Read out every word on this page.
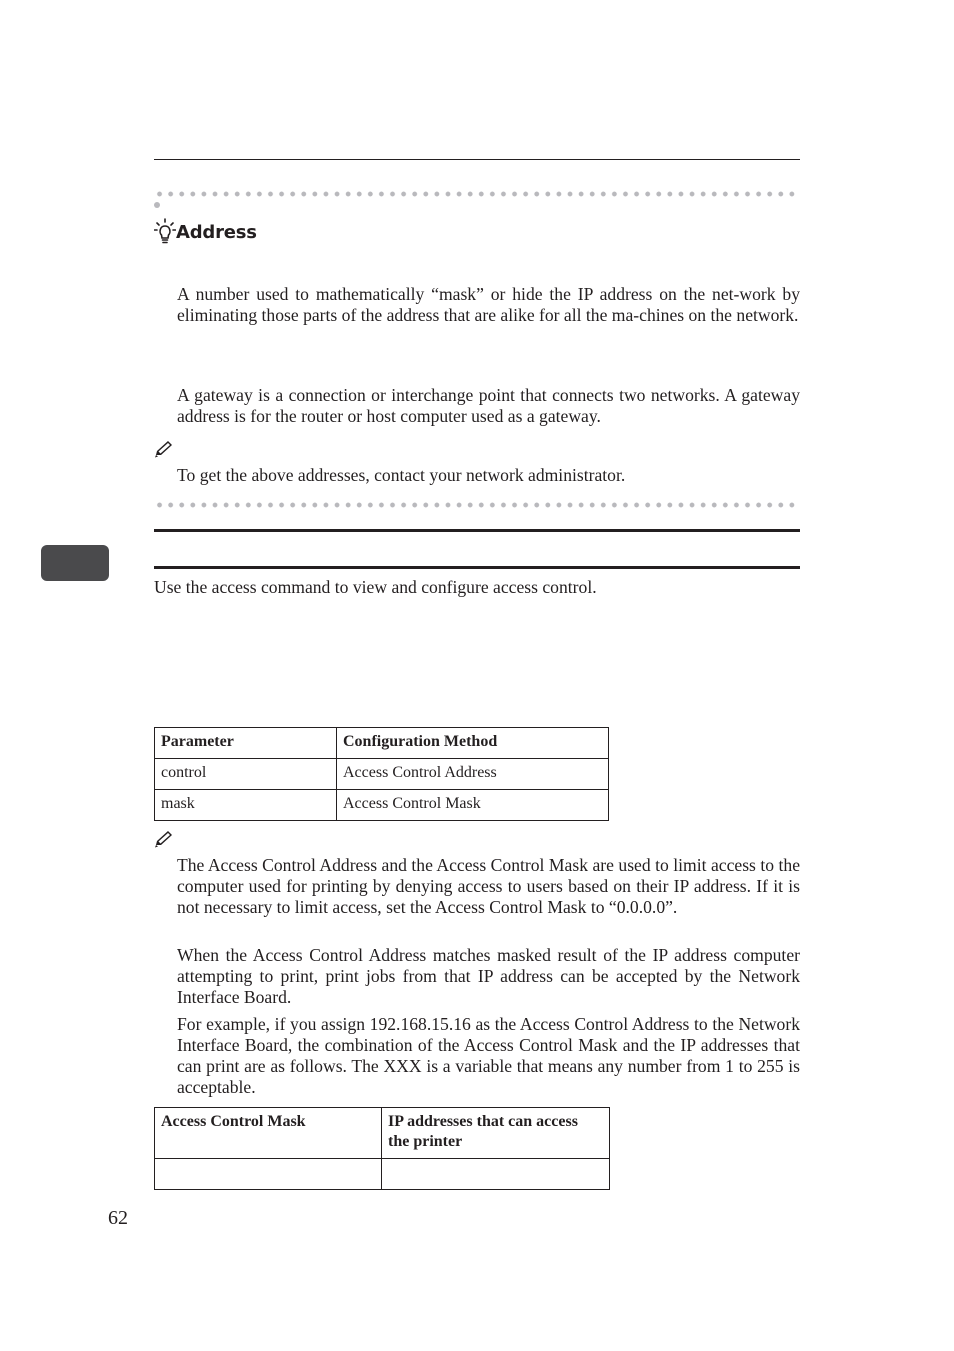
Address
A number used to mathematically “mask” or hide the IP address on the net-work by eliminating those parts of the address that are alike for all the ma-chines on the network.
A gateway is a connection or interchange point that connects two networks. A gateway address is for the router or host computer used as a gateway.
To get the above addresses, contact your network administrator.
Use the access command to view and configure access control.
Parameter	Configuration Method
control	Access Control Address
mask	Access Control Mask
The Access Control Address and the Access Control Mask are used to limit access to the computer used for printing by denying access to users based on their IP address. If it is not necessary to limit access, set the Access Control Mask to “0.0.0.0”.
When the Access Control Address matches masked result of the IP address computer attempting to print, print jobs from that IP address can be accepted by the Network Interface Board.
For example, if you assign 192.168.15.16 as the Access Control Address to the Network Interface Board, the combination of the Access Control Mask and the IP addresses that can print are as follows. The XXX is a variable that means any number from 1 to 255 is acceptable.
Access Control Mask	IP addresses that can access the printer

62
